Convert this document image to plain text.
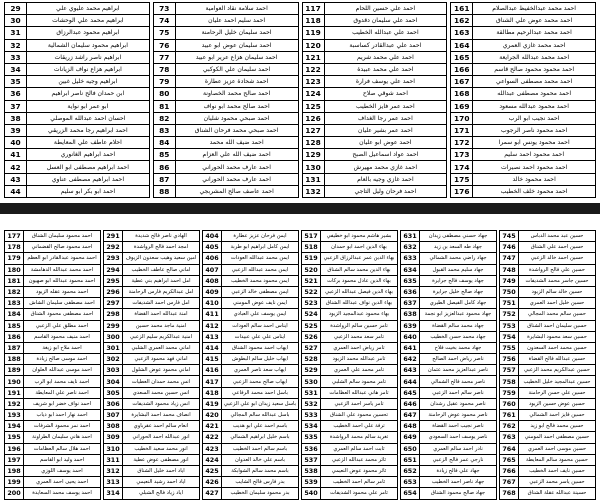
ابراهيم محمد عليوي علي	29
ابراهيم محمد علي الوحشات	30
ابراهيم محمود عبدالرزاق	31
ابراهيم محمود سليمان الشمالية	32
ابراهيم ناصر راشد زريقات	33
ابراهيم هزاع نواف الزيانات	34
ابراهيم وجيه خليل غبين	35
ابن حمدان فالح ناصر ابراهيم	36
ابو عمر ابو نواية	37
احسان احمد عبدالله الموصلي	38
احمد ابراهيم رجا محمد الزريقي	39
احلام عاطف علي المعايطة	40
احمد ابراهيم الغانوري	41
احمد ابراهيم مصطفى ابو العسل	42
احمد ابراهيم مصطفى عناوي	43
احمد ابو بكر ابو سليم	44
احمد سلامة نقاد العوامية	73
احمد سليم احمد عليان	74
احمد سليمان خليل الرحامنة	75
احمد سليمان عوض ابو عبيد	76
احمد سليمان هزاع عرير ابو عبيد	77
احمد سليمان علي الكوكبي	78
احمد شحادة عزيز عطارة	79
احمد صالح محمد الخصاونة	80
احمد صالح محمد ابو نواف	81
احمد صبحي محمود شليان	82
احمد صبحي محمد فرحان الشناق	83
احمد ضيف الله محمد	84
احمد ضيف الله علي العزام	85
احمد عارف محمد الحوراني	86
احمد عارف محمد الحوراني	87
احمد عاصف صالح المشربجي	88
احمد علي حسين اللحام	117
احمد علي سليمان دقدوق	118
احمد علي عبدالله الخطيب	119
احمد علي عبدالقادر كساسبة	120
احمد علي محمد شريم	121
احمد علي محمد عبيدة	122
احمد علي يوسف فرارة	123
احمد شوقي صلاح	124
احمد عمر فايز الخطيب	125
احمد عمر رجا الغداف	126
احمد عمر بشير عليان	127
احمد عوض ابو عليان	128
احمد عواد اسماعيل الصبح	129
احمد غازي محمد مهيرش	130
احمد غازي وجيه بالعام	131
احمد فرحان وليل التاجي	132
احمد محمد عبدالخفيظ عبدالصلام	161
احمد محمد عوض علي الشناق	162
احمد محمد عبدالرحيم مطالقة	163
احمد محمد غازي العمري	164
احمد محمد عبدالله الجرايعة	165
احمد محمود محمود صالح قاسم	166
احمد محمد مصطفى السواعي	167
احمد محمود مصطفى عبدالله	168
احمد محمود عبدالله مسعود	169
احمد نجيب ابو الرب	170
احمد محمود ناصر الرجوب	171
احمد محمود يونس ابو سمرا	172
احمد محمود احمد سليم	173
احمد محمود احمد نصيرات	174
احمد محمود خالد	175
احمد محمود خلف الخطيب	176
احمد محمود سليمان الشناق	177
احمد محمود صالح القضماني	178
احمد محمود عبدالقادر ابو العظم	179
احمد محمد عبدالله الدهامشة	180
احمد محمود عبدالله ابو صهيون	181
احمد محمود عقله الزيود	182
احمد مصطفى سليمان الشاش	183
احمد مصطفى محمود الشناق	184
احمد مطلق علي الزعبي	185
احمد منيف محمود القاسم	186
احمد ملاح ابو زيغة	187
احمد موسى صالح زيادة	188
احمد موسى عبدالله العلوان	189
احمد نايف محمد ابو الرب	190
احمد ناصر علي المعايطة	191
احمد نواف خضر ابو شريف	192
احمد نهار احمد ابو ذياب	193
احمد نمر محمود الشرفات	194
احمد هاني سليمان الطراونة	195
احمد هلال سالم العظامات	196
احمد وليد ابو القاسم	197
احمد يوسف اللوزي	198
احمد يحيى احمد العمري	199
احمد يوسف محمد السعايدة	200
الهادي ناصر فالح شديدة	291
امجد احمد فالح الرواشدة	292
امين سعيد وهيب سعدون الزيوف	293
اماني صالح عاطف الخطيب	294
امل احمد ابراهيم بني عطية	295
امل عبدالكريم فارس الرحامنة	296
امل فارس احمد الشديفات	297
امنة عبدالله احمد القضاة	298
امنية ماجد محمد حسين	299
امنية عبدالكريم سليم الزعبي	300
اماني محمد العمري الشلبي	301
اماني فهد محمود الزعبي	302
اماني محمود عوض الشلول	303
انس محمد حمدان العطيات	304
انس حسين محمد السعدي	305
انس زياد محمود الشديفات	306
انصاف محمد احمد البشايرة	307
انعام سالم احمد عقرباوي	308
انور عبدالله احمد الحوراني	309
انور محمد سعيد الخطيب	310
انور مصطفى عوض عطية	311
اياد احمد خليل الشناق	312
اياد احمد رشيد النعيمي	313
اياد زياد فالح الشبلي	314
ايمن فرحان عزيز عطارة	404
ايمن كامل ابراهيم ابو طربة	405
ايمن محمد عبدالله العودات	406
ايمن محمد عبدالله الزعبي	407
ايمن محمود محمد الخطيب	408
ايمن مصطفى خالد الزعبي	409
ايمن نايف عوض المومني	410
ايمن يوسف علي العبادي	411
ايناس احمد سالم العودات	412
ايناس علي علي عبيدات	413
ايهاب احمد محمود الشناق	414
ايهاب خليل سالم البطوش	415
ايهاب سعد ناصر العمري	416
ايهاب صالح محمد الزعبي	417
باسل احمد محمد الرفاعي	418
باسل سعيد زيدان ابو علي الزعبي	419
باسل عبدالله سالم المجالي	420
باسم احمد علي ابو هديب	421
باسم خليل ابراهيم الشمالي	422
باسم سالم احمد الخطيب	423
باسم علي خالد العدوان	424
باسم محمد سالم الشوابكة	425
بدر فارس فالح الشايب	426
بدر محمود سليمان الخطيب	427
بشير هاشم محمود ابو خطيفي	517
بهاء الدين احمد ابو حمدان	518
بهاء الدين عمر عبدالرزاق الزعبي	519
بهاء الدين محمد سالم الشناق	520
بهاء الدين عادل محمود بركات	521
بهاء الدين فيصل عبدالله الزعبي	522
بهاء الدين نواف عبدالله الشناق	523
بهاء محمود عبدالمجيد الزيود	524
تامر حسين سالم الرواشدة	525
تامر سعد محمد الزعبي	526
تامر رياض احمد العمري	527
تامر عبدالله محمد الزيود	528
تامر محمد علي العمري	529
تامر محمود سالم الشلبي	530
تامر هاني عبدالله العظامات	531
تامر ياسر احمد الزعبي	532
تحسين محمود علي الشناق	533
ترفة علي احمد الخطيب	534
تغريد سالم محمد الرواشدة	535
ثابت احمد سالم العمري	536
ثائر محمد عبدالله الزعبي	537
ثائر محمود عوض النعيمي	538
ثامر سالم احمد الخطيب	539
ثامر علي محمود الشديفات	540
جهاد حسني مصطفى زيدان	631
جهاد طه السعد بن زيد	632
جهاد راضي محمد الشمالي	633
جهاد سليم محمد القبول	634
جهاد يوسف فالح جرايرة	635
جهاد صالح خليل جرايرة	636
جهاد كامل الفيصل الطيري	637
جهاد محمود عبدالعزيز ابو نجمة	638
جهاد محمد سالم القضاة	639
جهاد محمد حسن الخطيب	640
جهاد محمد بخيت فلاح	641
ناصر رياض احمد الصالح	642
ناصر عبدالعزيز محمد عثمان	643
ناصر محمد فالح الشمالي	644
ناصر سالم احمد الزعبي	645
ناصر محمود عقيل رشدان	646
ناصر محمود عوض الرحامنة	647
ناصر نجيب احمد القضاة	648
ناصر يوسف احمد السعودي	649
نادر احمد سالم العمري	650
نارجي عمر فالح الزعبي	651
جهاد علي فالح زيادة	652
جهاد ناصر احمد الخطيب	653
جهاد صالح محمود الشناق	654
حسين عبد محمد الدباس	745
حسين احمد علي الشناق	746
حسين احمد خالد الزعبي	747
حسين علي فالح الرواشدة	748
حسين جاسر محمد الشديفات	749
حسين خالد سالم الزيود	750
حسين خليل احمد العمري	751
حسين سالم محمد المجالي	752
حسين سليمان احمد الشناق	753
حسين سعد محمود البشايرة	754
حسين محمد احمد السعدون	755
حسين عبدالله فالح القضاة	756
حسين عبدالكريم محمد الزعبي	757
حسين عبدالمجيد خليل الخطيب	758
حسين علي حسن الرحامنة	759
حسين عوض حسين الزيود	760
حسين فايز احمد الشمالي	761
حسين محمد فالح ابو زيد	762
حسين مصطفى احمد المومني	763
حسين موسى احمد العمري	764
حسين محمود سالم المعايطة	765
حسين نايف احمد الخطيب	766
حسين ياسر محمد الزعبي	767
حسينة عبدالله عقلة الشناق	768
